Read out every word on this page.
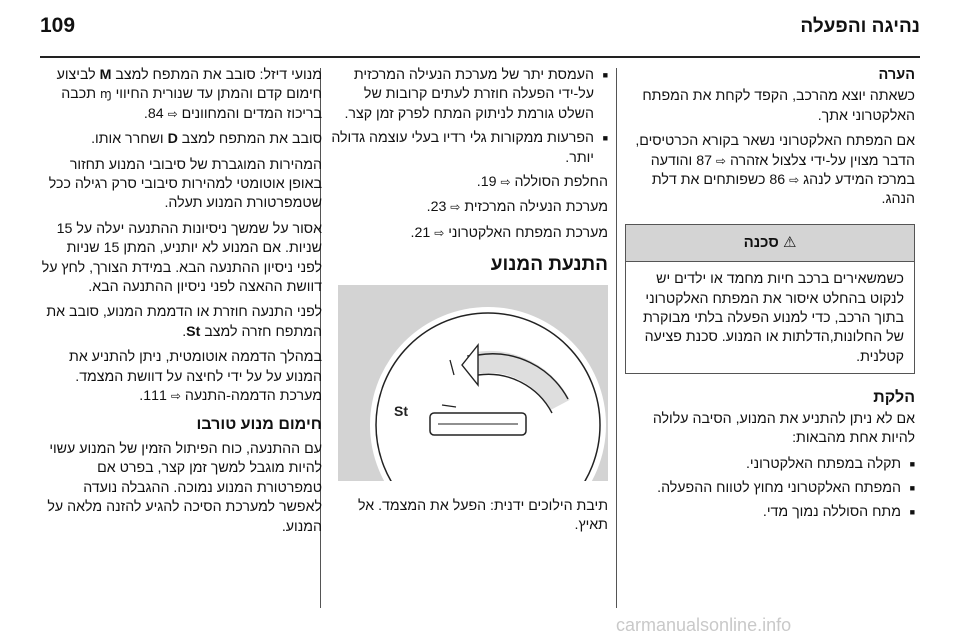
109	נהיגה והפעלה
הערה

כשאתה יוצא מהרכב, הקפד לקחת את המפתח האלקטרוני אתך.

אם המפתח האלקטרוני נשאר בקורא הכרטיסים, הדבר מצוין על-ידי צלצול אזהרה ⇨ 87 והודעה במרכז המידע לנהג ⇨ 86 כשפותחים את דלת הנהג.

⚠ סכנה
כשמשאירים ברכב חיות מחמד או ילדים יש לנקוט בהחלט איסור את המפתח האלקטרוני בתוך הרכב, כדי למנוע הפעלה בלתי מבוקרת של החלונות,הדלתות או המנוע. סכנת פציעה קטלנית.
הלקת

אם לא ניתן להתניע את המנוע, הסיבה עלולה להיות אחת מהבאות:

■ תקלה במפתח האלקטרוני.
■ המפתח האלקטרוני מחוץ לטווח ההפעלה.
■ מתח הסוללה נמוך מדי.
■ העמסת יתר של מערכת הנעילה המרכזית על-ידי הפעלה חוזרת לעתים קרובות של השלט גורמת לניתוק המתח לפרק זמן קצר.
■ הפרעות ממקורות גלי רדיו בעלי עוצמה גדולה יותר.

החלפת הסוללה ⇨ 19.

מערכת הנעילה המרכזית ⇨ 23.

מערכת המפתח האלקטרוני ⇨ 21.

התנעת המנוע
St

תיבת הילוכים ידנית: הפעל את המצמד. אל תאיץ.

מנועי דיזל: סובב את המתפח למצב M לביצוע חימום קדם והמתן עד שנורית החיווי ɱ תכבה בריכוז המדים והמחוונים ⇨ 84.

סובב את המתפח למצב D ושחרר אותו.

המהירות המוגברת של סיבובי המנוע תחזור באופן אוטומטי למהירות סיבובי סרק רגילה ככל שטמפרטורת המנוע תעלה.

אסור על שמשך ניסיונות ההתנעה יעלה על 15 שניות. אם המנוע לא יותניע, המתן 15 שניות לפני ניסיון ההתנעה הבא. במידת הצורך, לחץ על דוושת ההאצה לפני ניסיון ההתנעה הבא.

לפני התנעה חוזרת או הדממת המנוע, סובב את המתפח חזרה למצב St.

במהלך הדממה אוטומטית, ניתן להתניע את המנוע על על ידי לחיצה על דוושת המצמד. מערכת הדממה-התנעה ⇨ 111.

חימום מנוע טורבו

עם ההתנעה, כוח הפיתול הזמין של המנוע עשוי להיות מוגבל למשך זמן קצר, בפרט אם טמפרטורת המנוע נמוכה. ההגבלה נועדה לאפשר למערכת הסיכה להגיע להזנה מלאה על המנוע.

carmanualsonline.info
